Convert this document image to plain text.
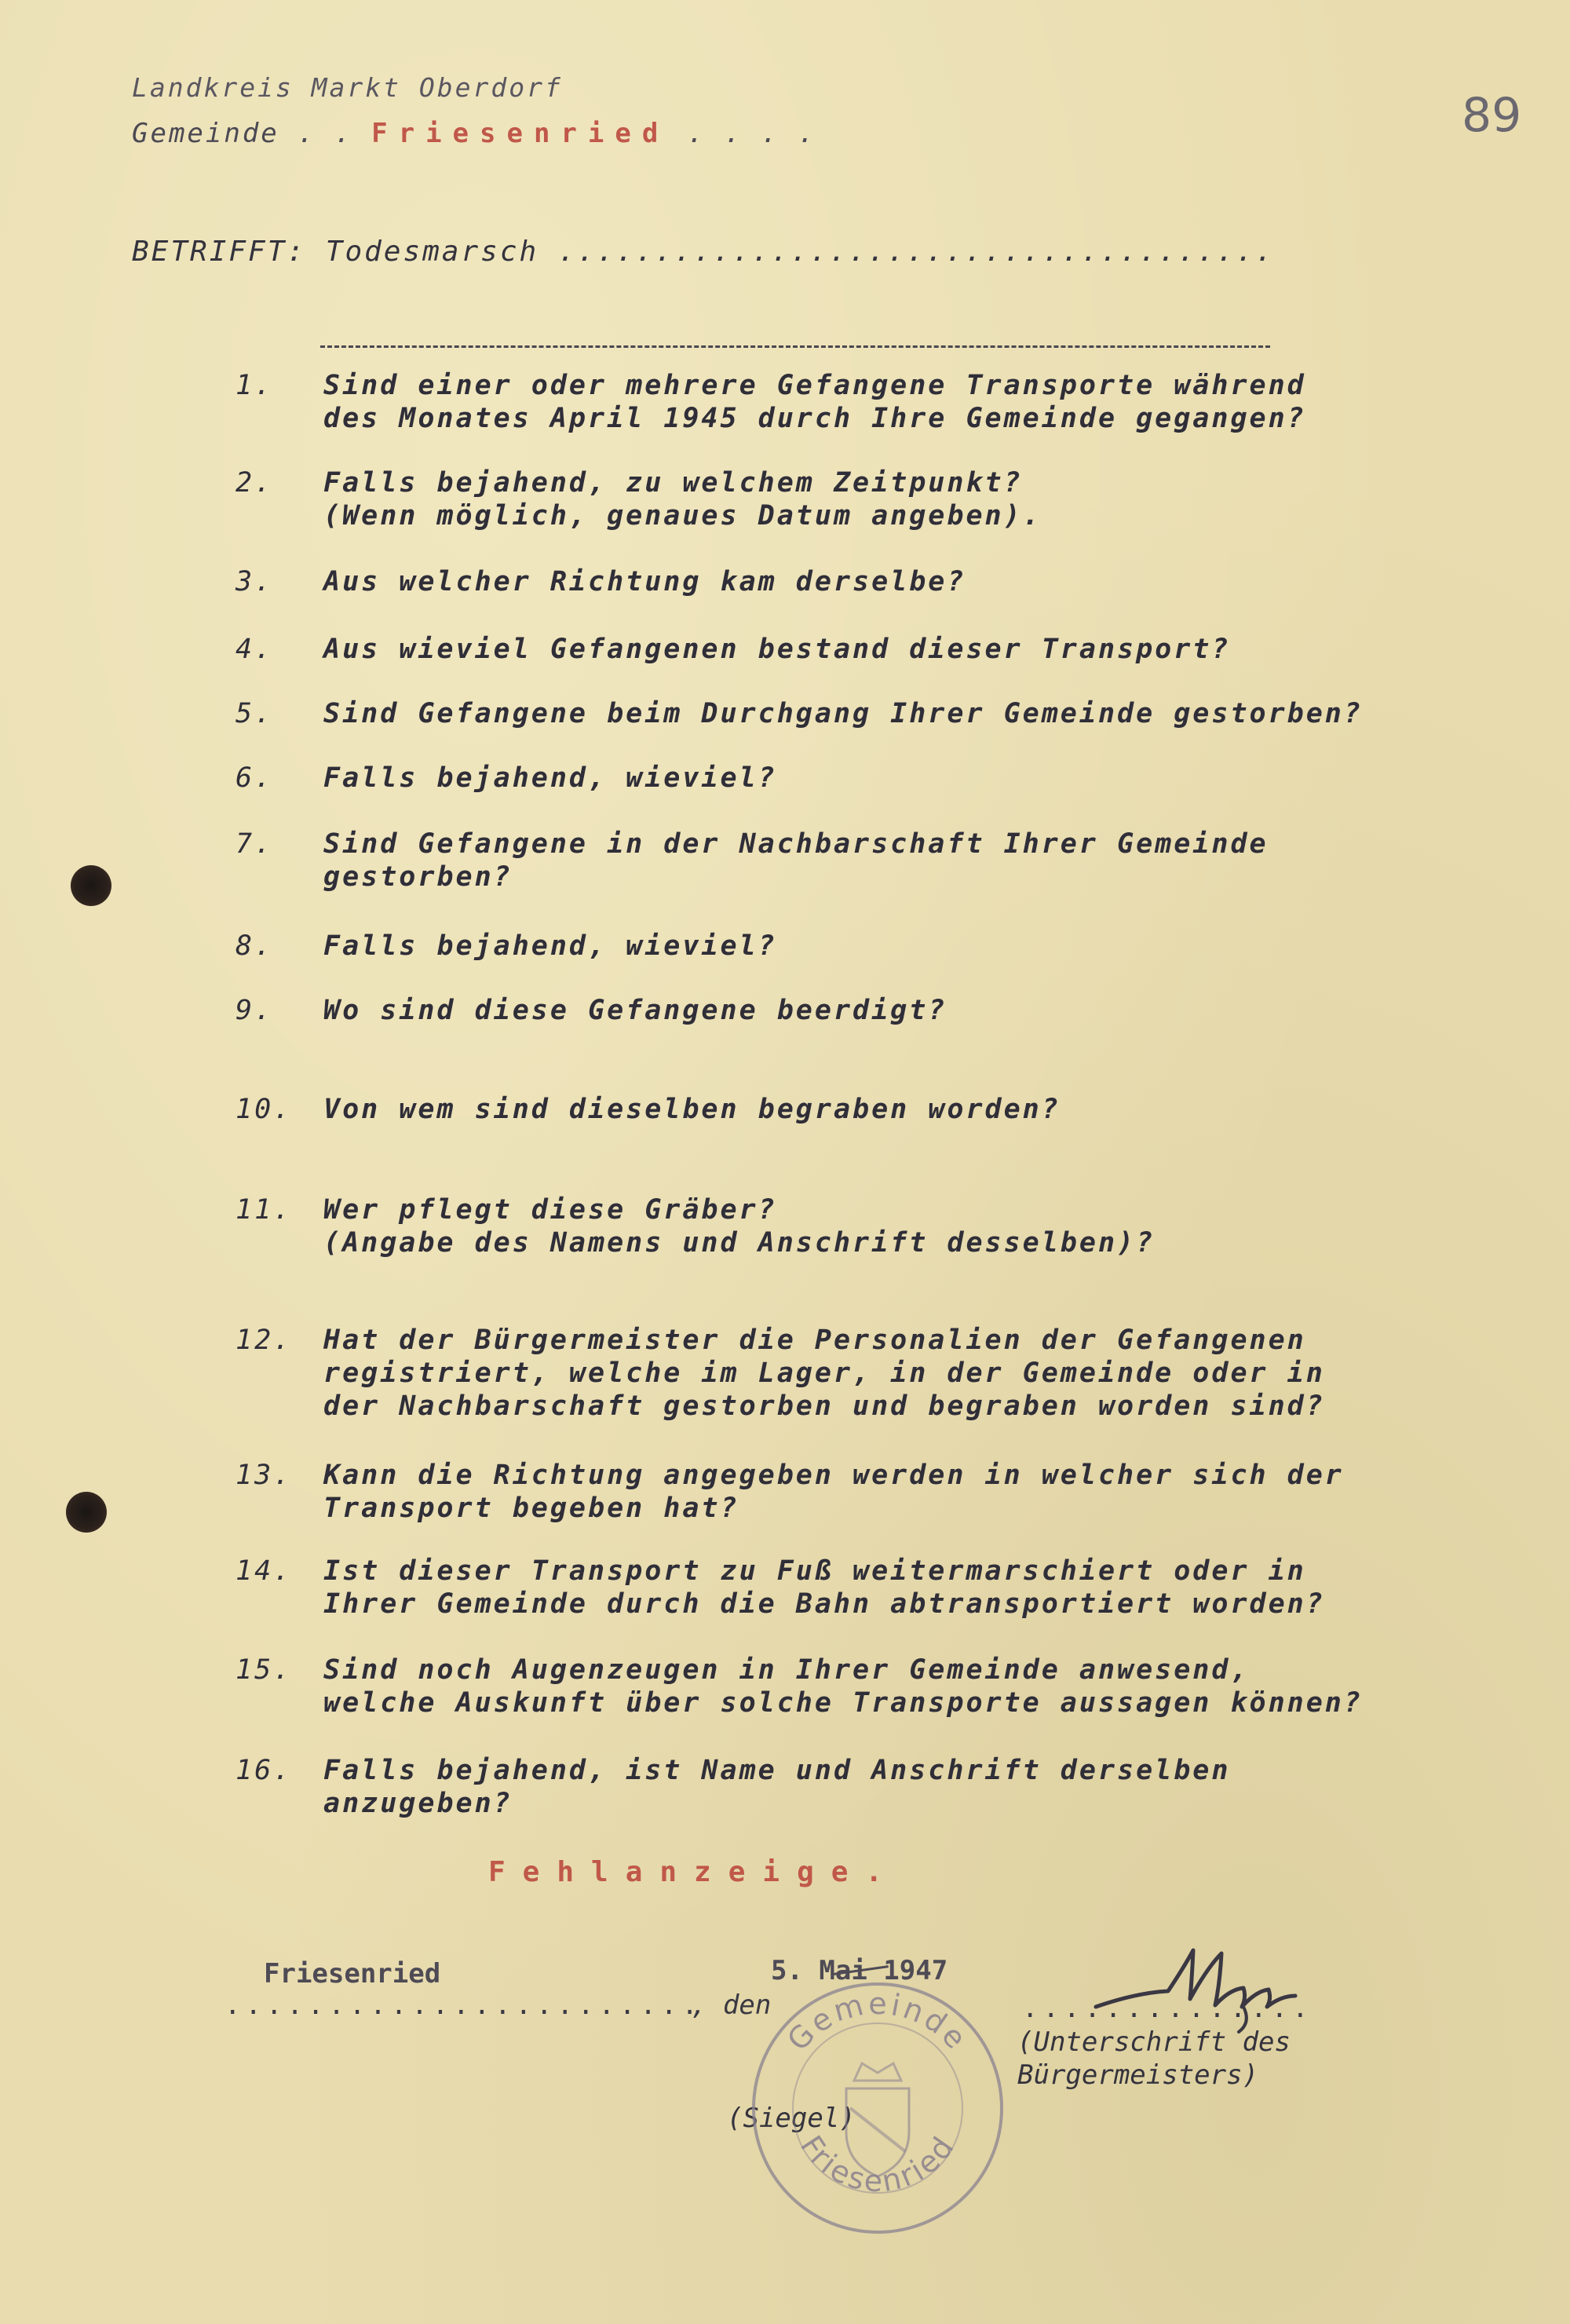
Landkreis Markt Oberdorf
Gemeinde . . Friesenried . . . .	89
BETRIFFT: Todesmarsch .....................................
1.	Sind einer oder mehrere Gefangene Transporte während
des Monates April 1945 durch Ihre Gemeinde gegangen?
2.	Falls bejahend, zu welchem Zeitpunkt?
(Wenn möglich, genaues Datum angeben).
3.	Aus welcher Richtung kam derselbe?
4.	Aus wieviel Gefangenen bestand dieser Transport?
5.	Sind Gefangene beim Durchgang Ihrer Gemeinde gestorben?
6.	Falls bejahend, wieviel?
7.	Sind Gefangene in der Nachbarschaft Ihrer Gemeinde
gestorben?
8.	Falls bejahend, wieviel?
9.	Wo sind diese Gefangene beerdigt?
10.	Von wem sind dieselben begraben worden?
11.	Wer pflegt diese Gräber?
(Angabe des Namens und Anschrift desselben)?
12.	Hat der Bürgermeister die Personalien der Gefangenen
registriert, welche im Lager, in der Gemeinde oder in
der Nachbarschaft gestorben und begraben worden sind?
13.	Kann die Richtung angegeben werden in welcher sich der
Transport begeben hat?
14.	Ist dieser Transport zu Fuß weitermarschiert oder in
Ihrer Gemeinde durch die Bahn abtransportiert worden?
15.	Sind noch Augenzeugen in Ihrer Gemeinde anwesend,
welche Auskunft über solche Transporte aussagen können?
16.	Falls bejahend, ist Name und Anschrift derselben
anzugeben?
Fehlanzeige.
Friesenried	5. Mai 1947
.......................
, den	..............
(Unterschrift des
Bürgermeisters)
(Siegel)
Gemeinde
Friesenried
